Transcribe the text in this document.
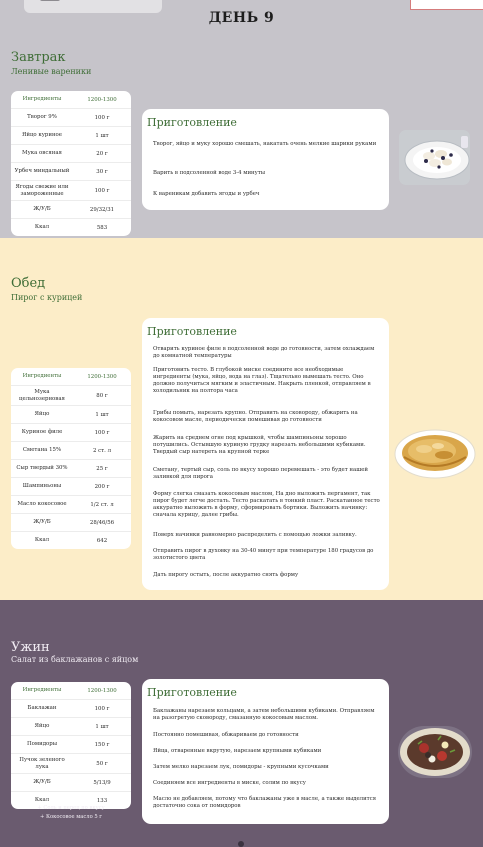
ДЕНЬ 9
Завтрак
Ленивые вареники
Ингредиенты	1200-1300
Творог 9%	100 г
Яйцо куриное	1 шт
Мука овсяная	20 г
Урбеч миндальный	30 г
Ягоды свежие или замороженные	100 г
Ж/У/Б	29/32/31
Ккал	583
Приготовление
Творог, яйцо и муку хорошо смешать, накатать очень мелкие шарики руками
Варить в подсоленной воде 3-4 минуты
К вареникам добавить ягоды и урбеч
Обед
Пирог с курицей
Ингредиенты	1200-1300
Мука цельнозерновая	80 г
Яйцо	1 шт
Куриное филе	100 г
Сметана 15%	2 ст. л
Сыр твердый 30%	25 г
Шампиньоны	200 г
Масло кокосовое	1/2 ст. л
Ж/У/Б	28/46/56
Ккал	642
Приготовление
Отварить куриное филе в подсоленной воде до готовности, затем охлаждаем до комнатной температуры
Приготовить тесто. В глубокой миске соедините все необходимые ингредиенты (мука, яйцо, вода на глаз). Тщательно вымешать тесто. Оно должно получиться мягким и эластичным. Накрыть пленкой, отправляем в холодильник на полтора часа
Грибы помыть, нарезать крупно. Отправить на сковороду, обжарить на кокосовом масле, периодически помешивая до готовности
Жарить на среднем огне под крышкой, чтобы шампиньоны хорошо потушились. Остывшую куриную грудку нарезать небольшими кубиками. Твердый сыр натереть на крупной терке
Сметану, тертый сыр, соль по вкусу хорошо перемешать - это будет нашей заливкой для пирога
Форму слегка смазать кокосовым маслом, На дно выложить пергамент, так пирог будет легче достать. Тесто раскатать в тонкий пласт. Раскатанное тесто аккуратно выложить в форму, сформировать бортики. Выложить начинку: сначала курицу, далее грибы.
Поверх начинки равномерно распределить с помощью ложки заливку.
Отправить пирог в духовку на 30-40 минут при температуре 180 градусов до золотистого цвета
Дать пирогу остыть, после аккуратно снять форму
Ужин
Салат из баклажанов с яйцом
Ингредиенты	1200-1300
Баклажан	100 г
Яйцо	1 шт
Помидоры	150 г
Пучок зеленого лука	50 г
Ж/У/Б	5/13/9
Ккал	133
+ Соль и перец по вкусу
+ Кокосовое масло 5 г
Приготовление
Баклажаны нарезаем кольцами, а затем небольшими кубиками. Отправляем на разогретую сковороду, смазанную кокосовым маслом.
Постоянно помешивая, обжариваем до готовности
Яйца, отваренные вкрутую, нарезаем крупными кубиками
Затем мелко нарезаем лук, помидоры - крупными кусочками
Соединяем все ингредиенты в миске, солим по вкусу
Масло не добавляем, потому что баклажаны уже в масле, а также выделится достаточно сока от помидоров
